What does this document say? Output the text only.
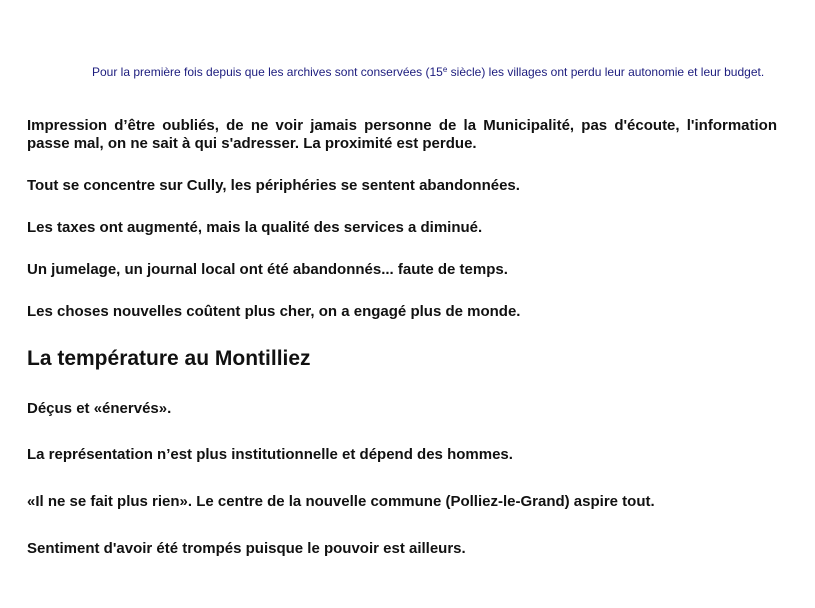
Pour la première fois depuis que les archives sont conservées (15e siècle) les villages ont perdu leur autonomie et leur budget.

Impression d’être oubliés, de ne voir jamais personne de la Municipalité, pas d'écoute, l'information passe mal, on ne sait à qui s'adresser. La proximité est perdue.

Tout se concentre sur Cully, les périphéries se sentent abandonnées.

Les taxes ont augmenté, mais la qualité des services a diminué.

Un jumelage, un journal local ont été abandonnés... faute de temps.

Les choses nouvelles coûtent plus cher, on a engagé plus de monde.

La température au Montilliez

Déçus et «énervés».

La représentation n’est plus institutionnelle et dépend des hommes.

«Il ne se fait plus rien». Le centre de la nouvelle commune (Polliez-le-Grand) aspire tout.

Sentiment d'avoir été trompés puisque le pouvoir est ailleurs.
